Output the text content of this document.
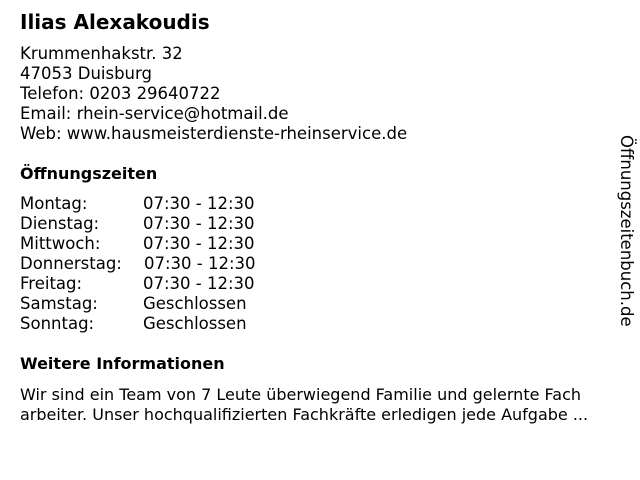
Ilias Alexakoudis
Krummenhakstr. 32
47053 Duisburg
Telefon: 0203 29640722
Email: rhein-service@hotmail.de
Web: www.hausmeisterdienste-rheinservice.de
Öffnungszeiten
Montag:	07:30 - 12:30
Dienstag:	07:30 - 12:30
Mittwoch:	07:30 - 12:30
Donnerstag: 07:30 - 12:30
Freitag:	07:30 - 12:30
Samstag:	Geschlossen
Sonntag:	Geschlossen
Weitere Informationen
Wir sind ein Team von 7 Leute überwiegend Familie und gelernte Fach
arbeiter. Unser hochqualifizierten Fachkräfte erledigen jede Aufgabe ...
Öffnungszeitenbuch.de
